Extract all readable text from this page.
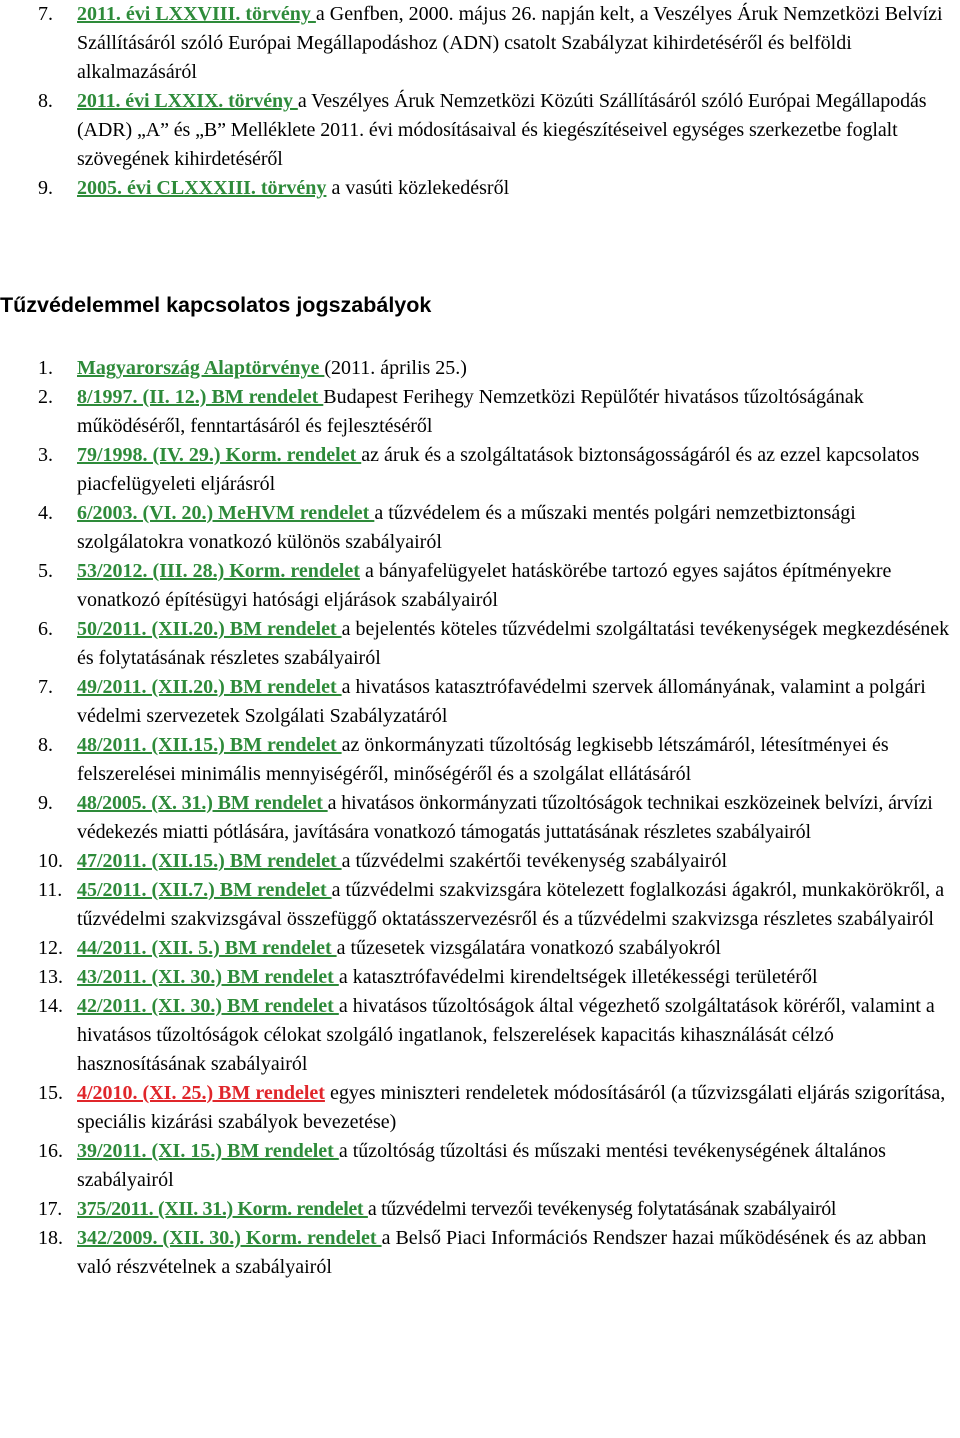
7. 2011. évi LXXVIII. törvény a Genfben, 2000. május 26. napján kelt, a Veszélyes Áruk Nemzetközi Belvízi Szállításáról szóló Európai Megállapodáshoz (ADN) csatolt Szabályzat kihirdetéséről és belföldi alkalmazásáról
8. 2011. évi LXXIX. törvény a Veszélyes Áruk Nemzetközi Közúti Szállításáról szóló Európai Megállapodás (ADR) „A” és „B” Melléklete 2011. évi módosításaival és kiegészítéseivel egységes szerkezetbe foglalt szövegének kihirdetéséről
9. 2005. évi CLXXXIII. törvény a vasúti közlekedésről
Tűzvédelemmel kapcsolatos jogszabályok
1. Magyarország Alaptörvénye (2011. április 25.)
2. 8/1997. (II. 12.) BM rendelet Budapest Ferihegy Nemzetközi Repülőtér hivatásos tűzoltóságának működéséről, fenntartásáról és fejlesztéséről
3. 79/1998. (IV. 29.) Korm. rendelet az áruk és a szolgáltatások biztonságosságáról és az ezzel kapcsolatos piacfelügyeleti eljárásról
4. 6/2003. (VI. 20.) MeHVM rendelet a tűzvédelem és a műszaki mentés polgári nemzetbiztonsági szolgálatokra vonatkozó különös szabályairól
5. 53/2012. (III. 28.) Korm. rendelet a bányafelügyelet hatáskörébe tartozó egyes sajátos építményekre vonatkozó építésügyi hatósági eljárások szabályairól
6. 50/2011. (XII.20.) BM rendelet a bejelentés köteles tűzvédelmi szolgáltatási tevékenységek megkezdésének és folytatásának részletes szabályairól
7. 49/2011. (XII.20.) BM rendelet a hivatásos katasztrófavédelmi szervek állományának, valamint a polgári védelmi szervezetek Szolgálati Szabályzatáról
8. 48/2011. (XII.15.) BM rendelet az önkormányzati tűzoltóság legkisebb létszámáról, létesítményei és felszerelései minimális mennyiségéről, minőségéről és a szolgálat ellátásáról
9. 48/2005. (X. 31.) BM rendelet a hivatásos önkormányzati tűzoltóságok technikai eszközeinek belvízi, árvízi védekezés miatti pótlására, javítására vonatkozó támogatás juttatásának részletes szabályairól
10. 47/2011. (XII.15.) BM rendelet a tűzvédelmi szakértői tevékenység szabályairól
11. 45/2011. (XII.7.) BM rendelet a tűzvédelmi szakvizsgára kötelezett foglalkozási ágakról, munkakörökről, a tűzvédelmi szakvizsgával összefüggő oktatásszervezésről és a tűzvédelmi szakvizsga részletes szabályairól
12. 44/2011. (XII. 5.) BM rendelet a tűzesetek vizsgálatára vonatkozó szabályokról
13. 43/2011. (XI. 30.) BM rendelet a katasztrófavédelmi kirendeltségek illetékességi területéről
14. 42/2011. (XI. 30.) BM rendelet a hivatásos tűzoltóságok által végezhető szolgáltatások köréről, valamint a hivatásos tűzoltóságok célokat szolgáló ingatlanok, felszerelések kapacitás kihasználását célzó hasznosításának szabályairól
15. 4/2010. (XI. 25.) BM rendelet egyes miniszteri rendeletek módosításáról (a tűzvizsgálati eljárás szigorítása, speciális kizárási szabályok bevezetése)
16. 39/2011. (XI. 15.) BM rendelet a tűzoltóság tűzoltási és műszaki mentési tevékenységének általános szabályairól
17. 375/2011. (XII. 31.) Korm. rendelet a tűzvédelmi tervezői tevékenység folytatásának szabályairól
18. 342/2009. (XII. 30.) Korm. rendelet a Belső Piaci Információs Rendszer hazai működésének és az abban való részvételnek a szabályairól
